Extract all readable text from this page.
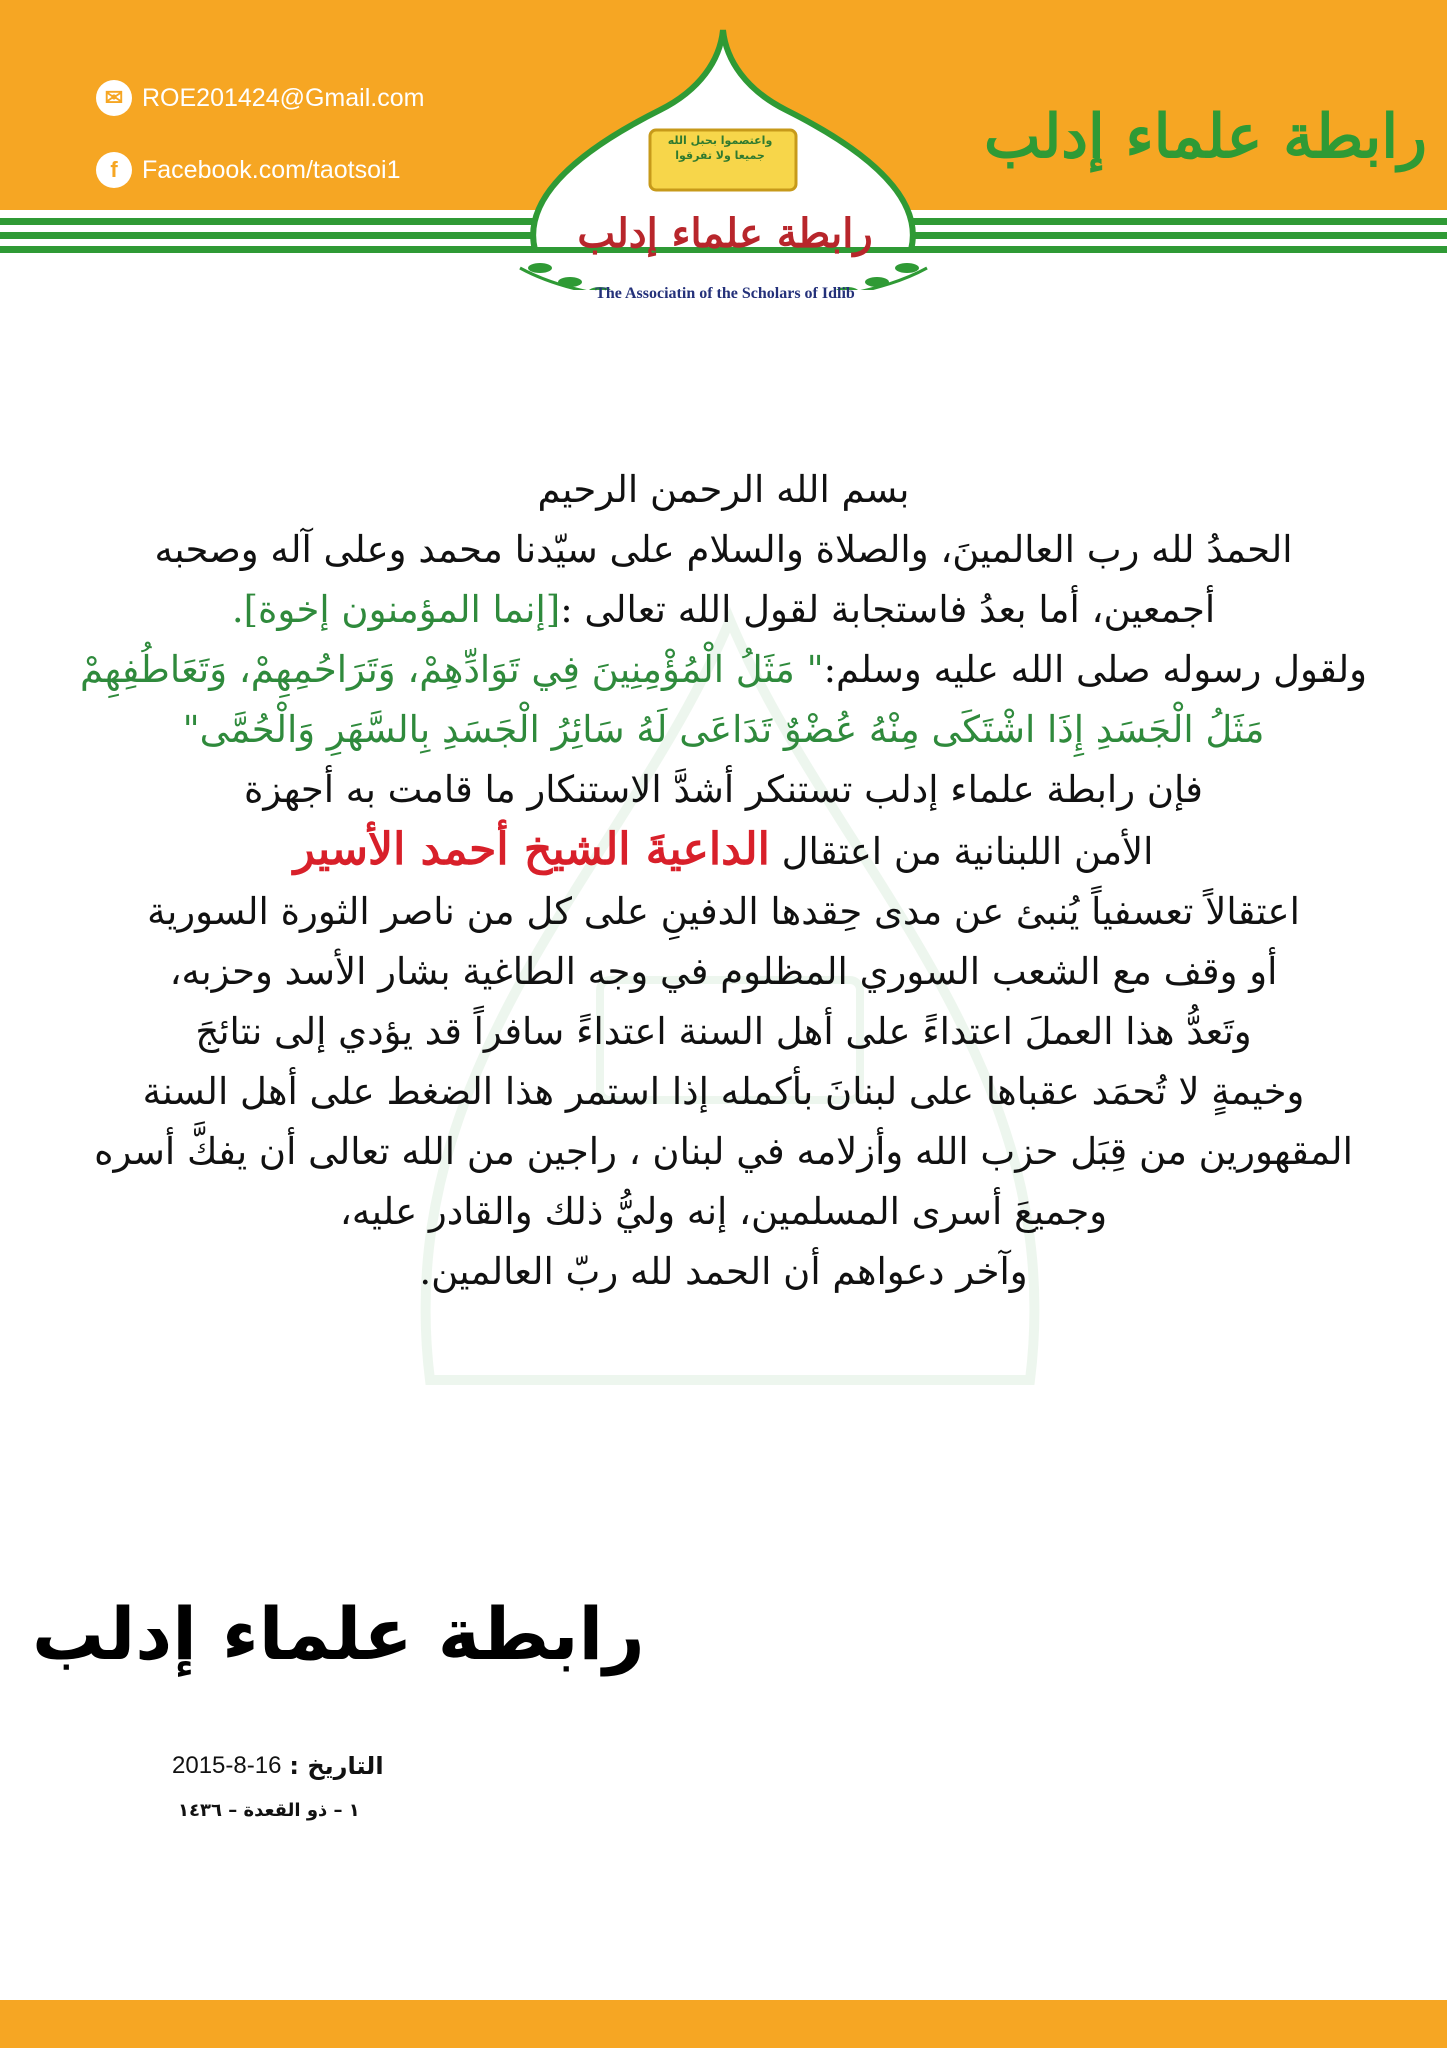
✉ ROE201424@Gmail.com
f Facebook.com/taotsoi1
واعتصموا بحبل الله
جميعا ولا تفرقوا
رابطة علماء إدلب
The Associatin of the Scholars of Idlib
رابطة علماء إدلب

بسم الله الرحمن الرحيم

الحمدُ لله رب العالمينَ، والصلاة والسلام على سيّدنا محمد وعلى آله وصحبه

أجمعين، أما بعدُ فاستجابة لقول الله تعالى :[إنما المؤمنون إخوة].

ولقول رسوله صلى الله عليه وسلم:" مَثَلُ الْمُؤْمِنِينَ فِي تَوَادِّهِمْ، وَتَرَاحُمِهِمْ، وَتَعَاطُفِهِمْ

مَثَلُ الْجَسَدِ إِذَا اشْتَكَى مِنْهُ عُضْوٌ تَدَاعَى لَهُ سَائِرُ الْجَسَدِ بِالسَّهَرِ وَالْحُمَّى"

فإن رابطة علماء إدلب تستنكر أشدَّ الاستنكار ما قامت به أجهزة

الأمن اللبنانية من اعتقال الداعيةَ الشيخ أحمد الأسير

اعتقالاً تعسفياً يُنبئ عن مدى حِقدها الدفينِ على كل من ناصر الثورة السورية

أو وقف مع الشعب السوري المظلوم في وجه الطاغية بشار الأسد وحزبه،

وتَعدُّ هذا العملَ اعتداءً على أهل السنة اعتداءً سافراً قد يؤدي إلى نتائجَ

وخيمةٍ لا تُحمَد عقباها على لبنانَ بأكمله إذا استمر هذا الضغط على أهل السنة

المقهورين من قِبَل حزب الله وأزلامه في لبنان ، راجين من الله تعالى أن يفكَّ أسره

وجميعَ أسرى المسلمين، إنه وليُّ ذلك والقادر عليه،

وآخر دعواهم أن الحمد لله ربّ العالمين.

رابطة علماء إدلب
2015-8-16 التاريخ :
١ – ذو القعدة – ١٤٣٦
